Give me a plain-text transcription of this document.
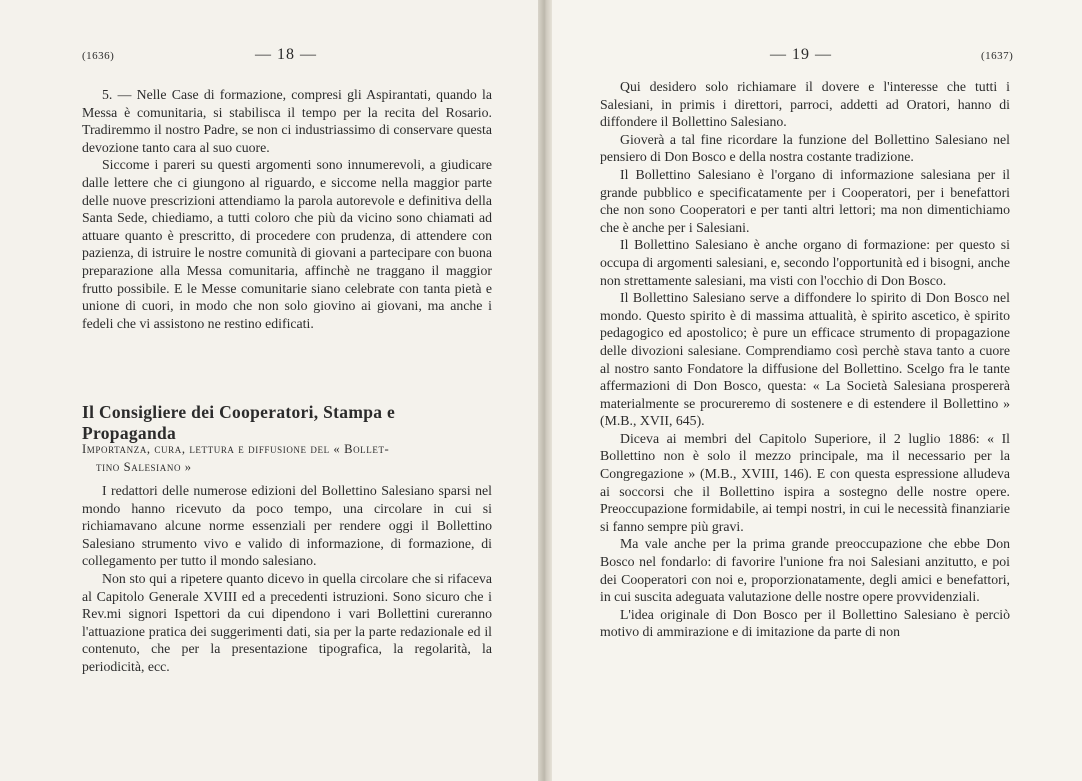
(1636)	— 18 —

5. — Nelle Case di formazione, compresi gli Aspirantati, quando la Messa è comunitaria, si stabilisca il tempo per la recita del Rosario. Tradiremmo il nostro Padre, se non ci industriassimo di conservare questa devozione tanto cara al suo cuore.

Siccome i pareri su questi argomenti sono innumerevoli, a giudicare dalle lettere che ci giungono al riguardo, e siccome nella maggior parte delle nuove prescrizioni attendiamo la parola autorevole e definitiva della Santa Sede, chiediamo, a tutti coloro che più da vicino sono chiamati ad attuare quanto è prescritto, di procedere con prudenza, di attendere con pazienza, di istruire le nostre comunità di giovani a partecipare con buona preparazione alla Messa comunitaria, affinchè ne traggano il maggior frutto possibile. E le Messe comunitarie siano celebrate con tanta pietà e unione di cuori, in modo che non solo giovino ai giovani, ma anche i fedeli che vi assistono ne restino edificati.

Il Consigliere dei Cooperatori, Stampa e Propaganda
Importanza, cura, lettura e diffusione del « Bollet-
tino Salesiano »

I redattori delle numerose edizioni del Bollettino Salesiano sparsi nel mondo hanno ricevuto da poco tempo, una circolare in cui si richiamavano alcune norme essenziali per rendere oggi il Bollettino Salesiano strumento vivo e valido di informazione, di formazione, di collegamento per tutto il mondo salesiano.

Non sto qui a ripetere quanto dicevo in quella circolare che si rifaceva al Capitolo Generale XVIII ed a precedenti istruzioni. Sono sicuro che i Rev.mi signori Ispettori da cui dipendono i vari Bollettini cureranno l'attuazione pratica dei suggerimenti dati, sia per la parte redazionale ed il contenuto, che per la presentazione tipografica, la regolarità, la periodicità, ecc.

— 19 —	(1637)

Qui desidero solo richiamare il dovere e l'interesse che tutti i Salesiani, in primis i direttori, parroci, addetti ad Oratori, hanno di diffondere il Bollettino Salesiano.

Gioverà a tal fine ricordare la funzione del Bollettino Salesiano nel pensiero di Don Bosco e della nostra costante tradizione.

Il Bollettino Salesiano è l'organo di informazione salesiana per il grande pubblico e specificatamente per i Cooperatori, per i benefattori che non sono Cooperatori e per tanti altri lettori; ma non dimentichiamo che è anche per i Salesiani.

Il Bollettino Salesiano è anche organo di formazione: per questo si occupa di argomenti salesiani, e, secondo l'opportunità ed i bisogni, anche non strettamente salesiani, ma visti con l'occhio di Don Bosco.

Il Bollettino Salesiano serve a diffondere lo spirito di Don Bosco nel mondo. Questo spirito è di massima attualità, è spirito ascetico, è spirito pedagogico ed apostolico; è pure un efficace strumento di propagazione delle divozioni salesiane. Comprendiamo così perchè stava tanto a cuore al nostro santo Fondatore la diffusione del Bollettino. Scelgo fra le tante affermazioni di Don Bosco, questa: « La Società Salesiana prospererà materialmente se procureremo di sostenere e di estendere il Bollettino » (M.B., XVII, 645).

Diceva ai membri del Capitolo Superiore, il 2 luglio 1886: « Il Bollettino non è solo il mezzo principale, ma il necessario per la Congregazione » (M.B., XVIII, 146). E con questa espressione alludeva ai soccorsi che il Bollettino ispira a sostegno delle nostre opere. Preoccupazione formidabile, ai tempi nostri, in cui le necessità finanziarie si fanno sempre più gravi.

Ma vale anche per la prima grande preoccupazione che ebbe Don Bosco nel fondarlo: di favorire l'unione fra noi Salesiani anzitutto, e poi dei Cooperatori con noi e, proporzionatamente, degli amici e benefattori, in cui suscita adeguata valutazione delle nostre opere provvidenziali.

L'idea originale di Don Bosco per il Bollettino Salesiano è perciò motivo di ammirazione e di imitazione da parte di non
